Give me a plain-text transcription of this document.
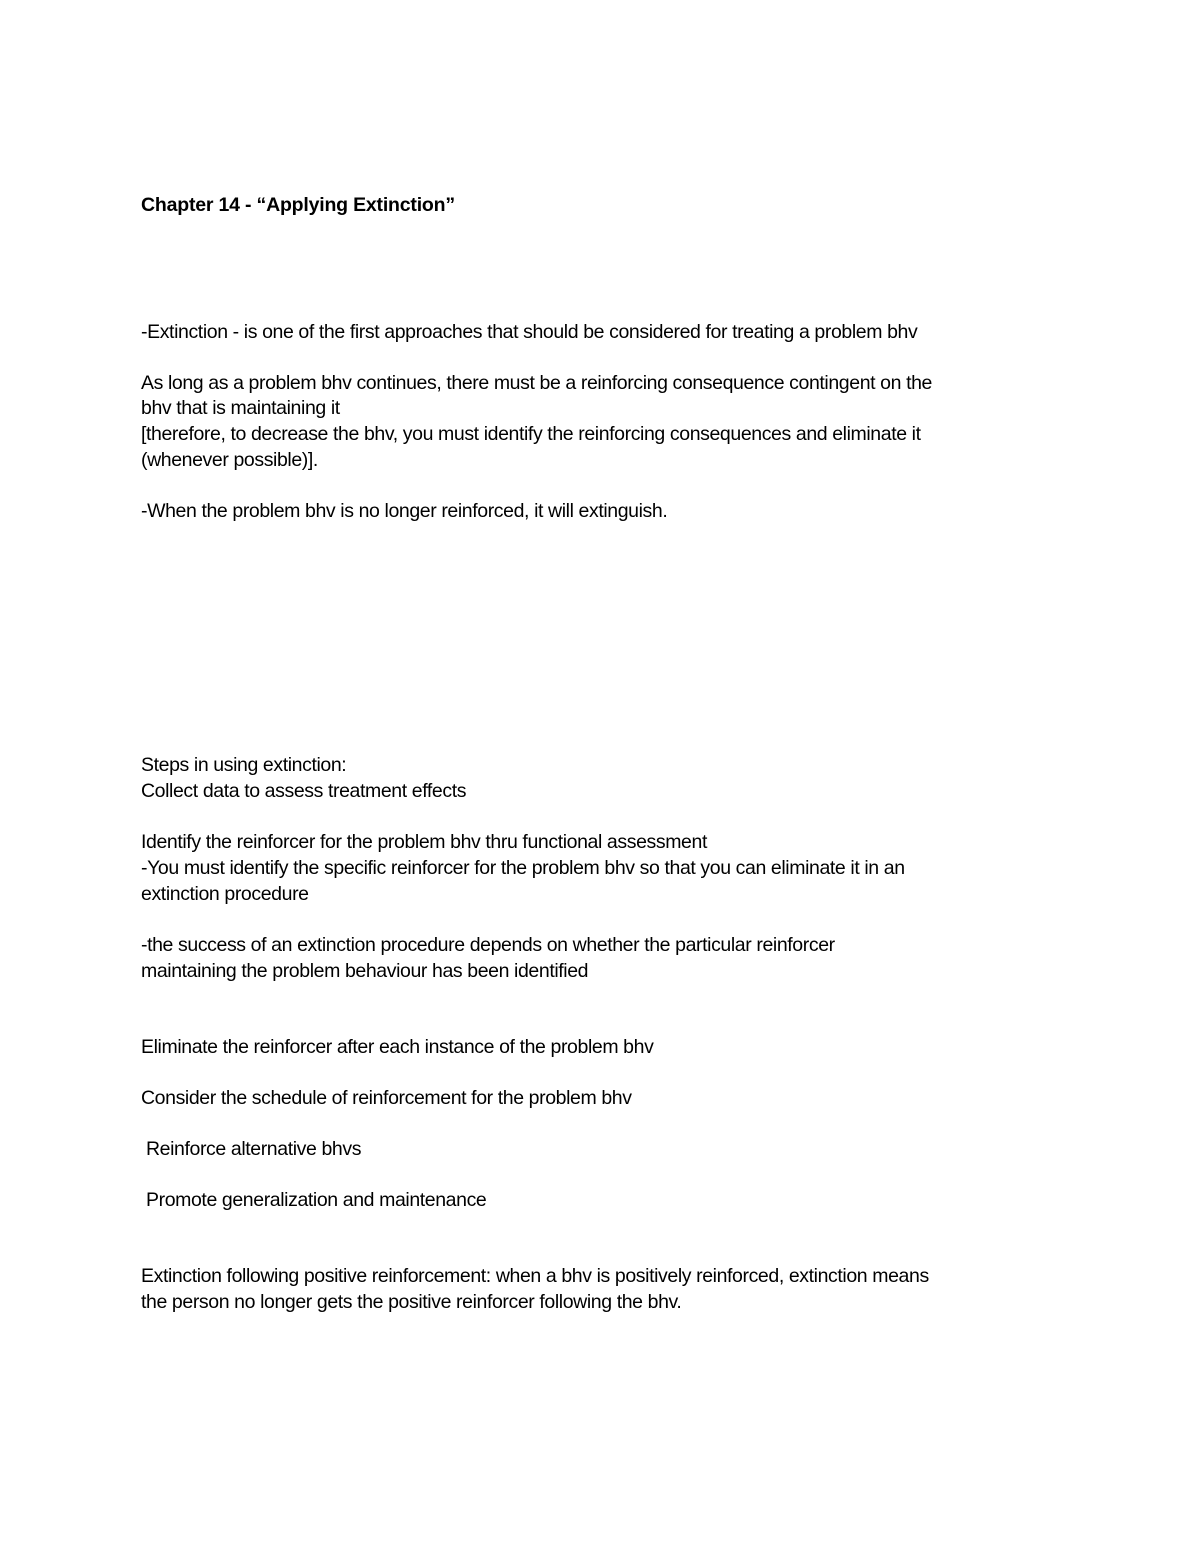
Chapter 14 - “Applying Extinction”

-Extinction - is one of the first approaches that should be considered for treating a problem bhv

As long as a problem bhv continues, there must be a reinforcing consequence contingent on the

bhv that is maintaining it

[therefore, to decrease the bhv, you must identify the reinforcing consequences and eliminate it

(whenever possible)].

-When the problem bhv is no longer reinforced, it will extinguish.

Steps in using extinction:

Collect data to assess treatment effects

Identify the reinforcer for the problem bhv thru functional assessment

-You must identify the specific reinforcer for the problem bhv so that you can eliminate it in an

extinction procedure

-the success of an extinction procedure depends on whether the particular reinforcer

maintaining the problem behaviour has been identified

Eliminate the reinforcer after each instance of the problem bhv

Consider the schedule of reinforcement for the problem bhv

Reinforce alternative bhvs

Promote generalization and maintenance

Extinction following positive reinforcement: when a bhv is positively reinforced, extinction means

the person no longer gets the positive reinforcer following the bhv.
